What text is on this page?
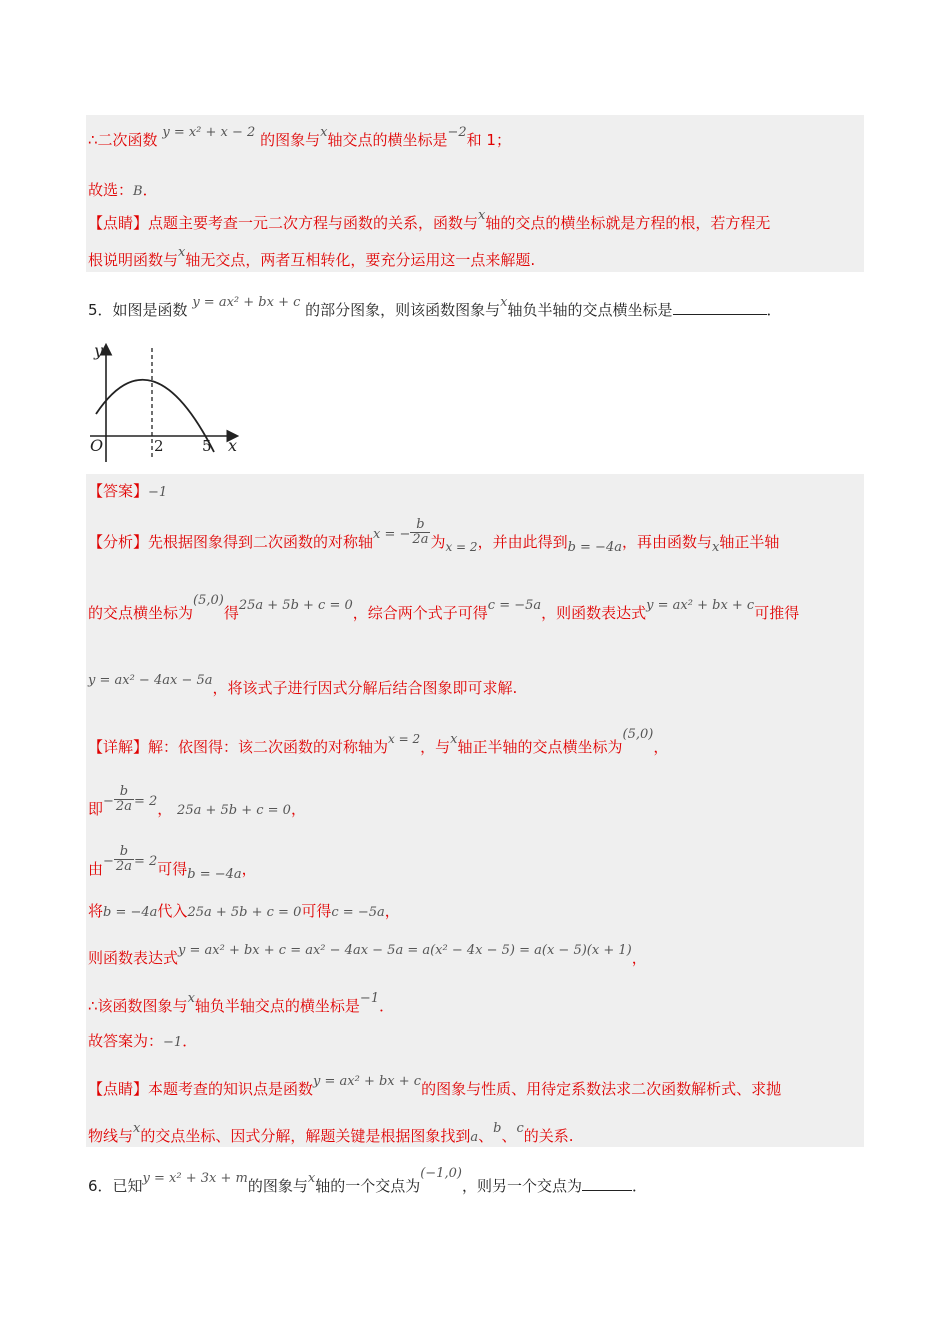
∴二次函数 y = x² + x − 2 的图象与x轴交点的横坐标是−2和 1；
故选：B．
【点睛】点题主要考查一元二次方程与函数的关系，函数与x轴的交点的横坐标就是方程的根，若方程无
根说明函数与x轴无交点，两者互相转化，要充分运用这一点来解题.
5．如图是函数 y = ax² + bx + c 的部分图象，则该函数图象与x轴负半轴的交点横坐标是	．
y
x
O	2	5
【答案】−1
【分析】先根据图象得到二次函数的对称轴x = − $\frac{b}{2a}$ 为$_{x = 2}$，并由此得到b = −4a，再由函数与x轴正半轴
的交点横坐标为(5,0)得25a + 5b + c = 0，综合两个式子可得c = −5a，则函数表达式y = ax² + bx + c可推得
y = ax² − 4ax − 5a，将该式子进行因式分解后结合图象即可求解.
【详解】解：依图得：该二次函数的对称轴为$^{x = 2}$，与x轴正半轴的交点横坐标为(5,0)，
即− $\frac{b}{2a} = 2$， 25a + 5b + c = 0，
由− $\frac{b}{2a} = 2$可得b = −4a，
将b = −4a代入25a + 5b + c = 0可得c = −5a，
则函数表达式y = ax² + bx + c = ax² − 4ax − 5a = a(x² − 4x − 5) = a(x − 5)(x + 1)，
∴该函数图象与x轴负半轴交点的横坐标是−1．
故答案为：−1．
【点睛】本题考查的知识点是函数y = ax² + bx + c的图象与性质、用待定系数法求二次函数解析式、求抛
物线与x的交点坐标、因式分解，解题关键是根据图象找到a、b、c的关系.
6．已知y = x² + 3x + m的图象与x轴的一个交点为(−1,0)，则另一个交点为	．
